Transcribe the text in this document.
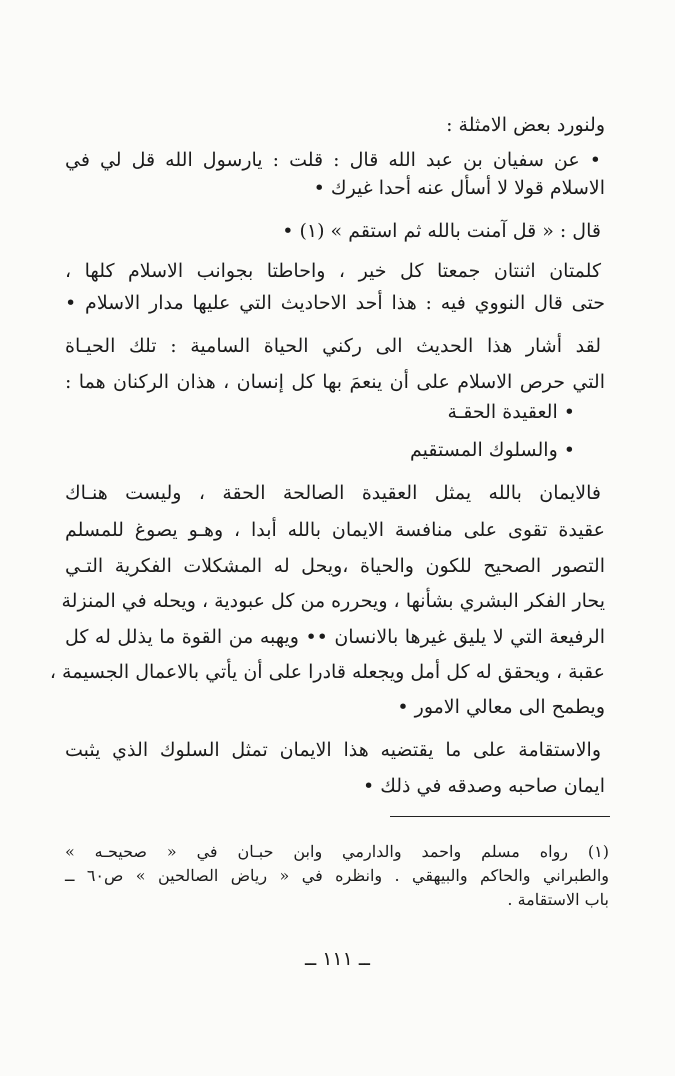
ولنورد بعض الامثلة :
• عن سفيان بن عبد الله قال : قلت : يارسول الله قل لي في
الاسلام قولا لا أسأل عنه أحدا غيرك •
قال : « قل آمنت بالله ثم استقم » (١) •
كلمتان اثنتان جمعتا كل خير ، واحاطتا بجوانب الاسلام كلها ،
حتى قال النووي فيه : هذا أحد الاحاديث التي عليها مدار الاسلام •
لقد أشار هذا الحديث الى ركني الحياة السامية : تلك الحيـاة
التي حرص الاسلام على أن ينعمَ بها كل إنسان ، هذان الركنان هما :
• العقيدة الحقـة
• والسلوك المستقيم
فالايمان بالله يمثل العقيدة الصالحة الحقة ، وليست هنـاك
عقيدة تقوى على منافسة الايمان بالله أبدا ، وهـو يصوغ للمسلم
التصور الصحيح للكون والحياة ،ويحل له المشكلات الفكرية التـي
يحار الفكر البشري بشأنها ، ويحرره من كل عبودية ، ويحله في المنزلة
الرفيعة التي لا يليق غيرها بالانسان •• ويهبه من القوة ما يذلل له كل
عقبة ، ويحقق له كل أمل ويجعله قادرا على أن يأتي بالاعمال الجسيمة ،
ويطمح الى معالي الامور •
والاستقامة على ما يقتضيه هذا الايمان تمثل السلوك الذي يثبت
ايمان صاحبه وصدقه في ذلك •
(١) رواه مسلم واحمد والدارمي وابن حبـان في « صحيحـه »
والطبراني والحاكم والبيهقي . وانظره في « رياض الصالحين » ص٦٠ ــ
باب الاستقامة .
ــ ١١١ ــ
